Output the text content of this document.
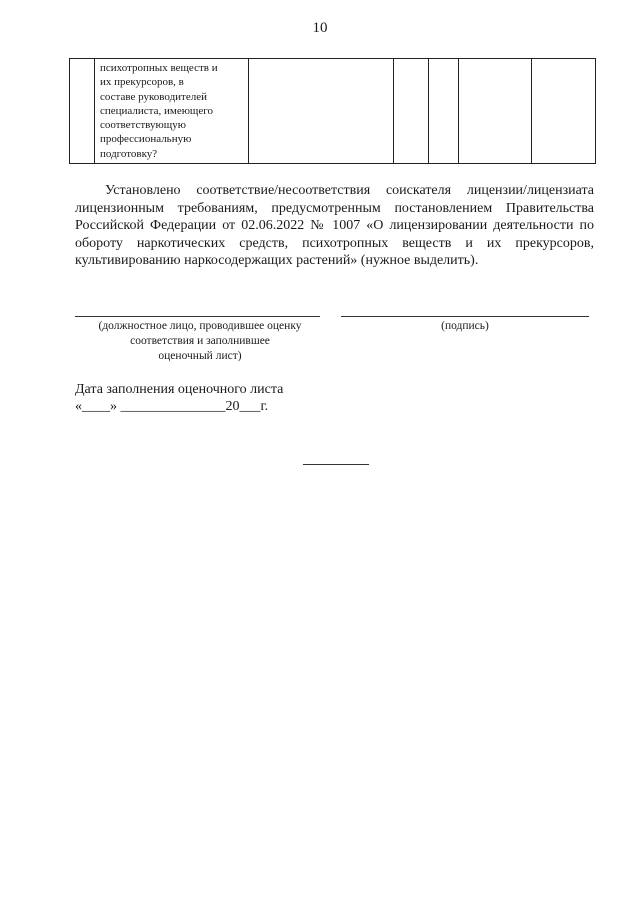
10

психотропных веществ и
их прекурсоров, в
составе руководителей
специалиста, имеющего
соответствующую
профессиональную
подготовку?

Установлено соответствие/несоответствия соискателя лицензии/лицензиата лицензионным требованиям, предусмотренным постановлением Правительства Российской Федерации от 02.06.2022 № 1007 «О лицензировании деятельности по обороту наркотических средств, психотропных веществ и их прекурсоров, культивированию наркосодержащих растений» (нужное выделить).
(должностное лицо, проводившее оценку
соответствия и заполнившее
оценочный лист)
(подпись)
Дата заполнения оценочного листа
«____» _______________20___г.
